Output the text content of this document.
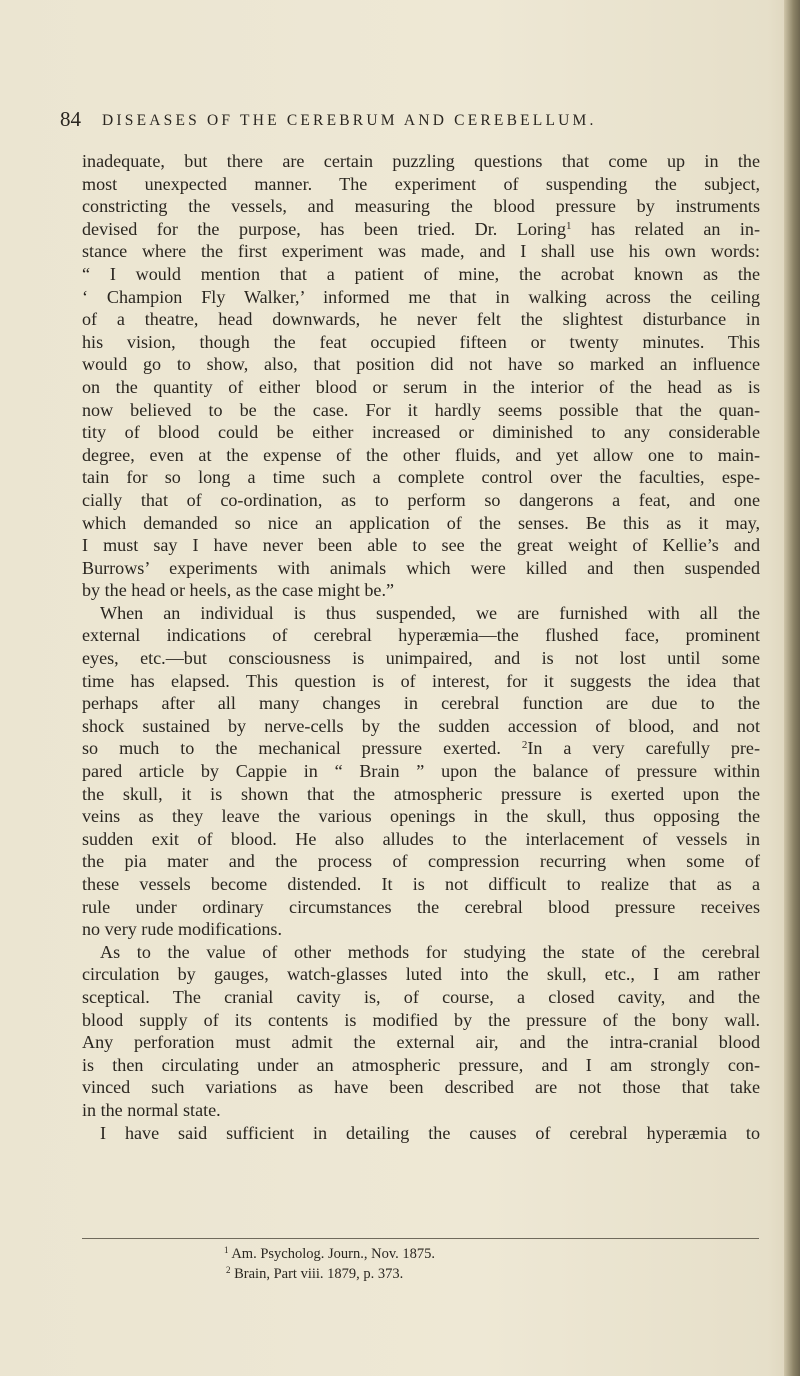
84 DISEASES OF THE CEREBRUM AND CEREBELLUM.
inadequate, but there are certain puzzling questions that come up in the
most unexpected manner. The experiment of suspending the subject,
constricting the vessels, and measuring the blood pressure by instruments
devised for the purpose, has been tried. Dr. Loring$^1$ has related an in-
stance where the first experiment was made, and I shall use his own words:
“ I would mention that a patient of mine, the acrobat known as the
‘ Champion Fly Walker,’ informed me that in walking across the ceiling
of a theatre, head downwards, he never felt the slightest disturbance in
his vision, though the feat occupied fifteen or twenty minutes. This
would go to show, also, that position did not have so marked an influence
on the quantity of either blood or serum in the interior of the head as is
now believed to be the case. For it hardly seems possible that the quan-
tity of blood could be either increased or diminished to any considerable
degree, even at the expense of the other fluids, and yet allow one to main-
tain for so long a time such a complete control over the faculties, espe-
cially that of co-ordination, as to perform so dangerons a feat, and one
which demanded so nice an application of the senses. Be this as it may,
I must say I have never been able to see the great weight of Kellie’s and
Burrows’ experiments with animals which were killed and then suspended
by the head or heels, as the case might be.”
When an individual is thus suspended, we are furnished with all the
external indications of cerebral hyperæmia—the flushed face, prominent
eyes, etc.—but consciousness is unimpaired, and is not lost until some
time has elapsed. This question is of interest, for it suggests the idea that
perhaps after all many changes in cerebral function are due to the
shock sustained by nerve-cells by the sudden accession of blood, and not
so much to the mechanical pressure exerted. $^2$In a very carefully pre-
pared article by Cappie in “ Brain ” upon the balance of pressure within
the skull, it is shown that the atmospheric pressure is exerted upon the
veins as they leave the various openings in the skull, thus opposing the
sudden exit of blood. He also alludes to the interlacement of vessels in
the pia mater and the process of compression recurring when some of
these vessels become distended. It is not difficult to realize that as a
rule under ordinary circumstances the cerebral blood pressure receives
no very rude modifications.
As to the value of other methods for studying the state of the cerebral
circulation by gauges, watch-glasses luted into the skull, etc., I am rather
sceptical. The cranial cavity is, of course, a closed cavity, and the
blood supply of its contents is modified by the pressure of the bony wall.
Any perforation must admit the external air, and the intra-cranial blood
is then circulating under an atmospheric pressure, and I am strongly con-
vinced such variations as have been described are not those that take
in the normal state.
I have said sufficient in detailing the causes of cerebral hyperæmia to
$^1$ Am. Psycholog. Journ., Nov. 1875.
$^2$ Brain, Part viii. 1879, p. 373.
